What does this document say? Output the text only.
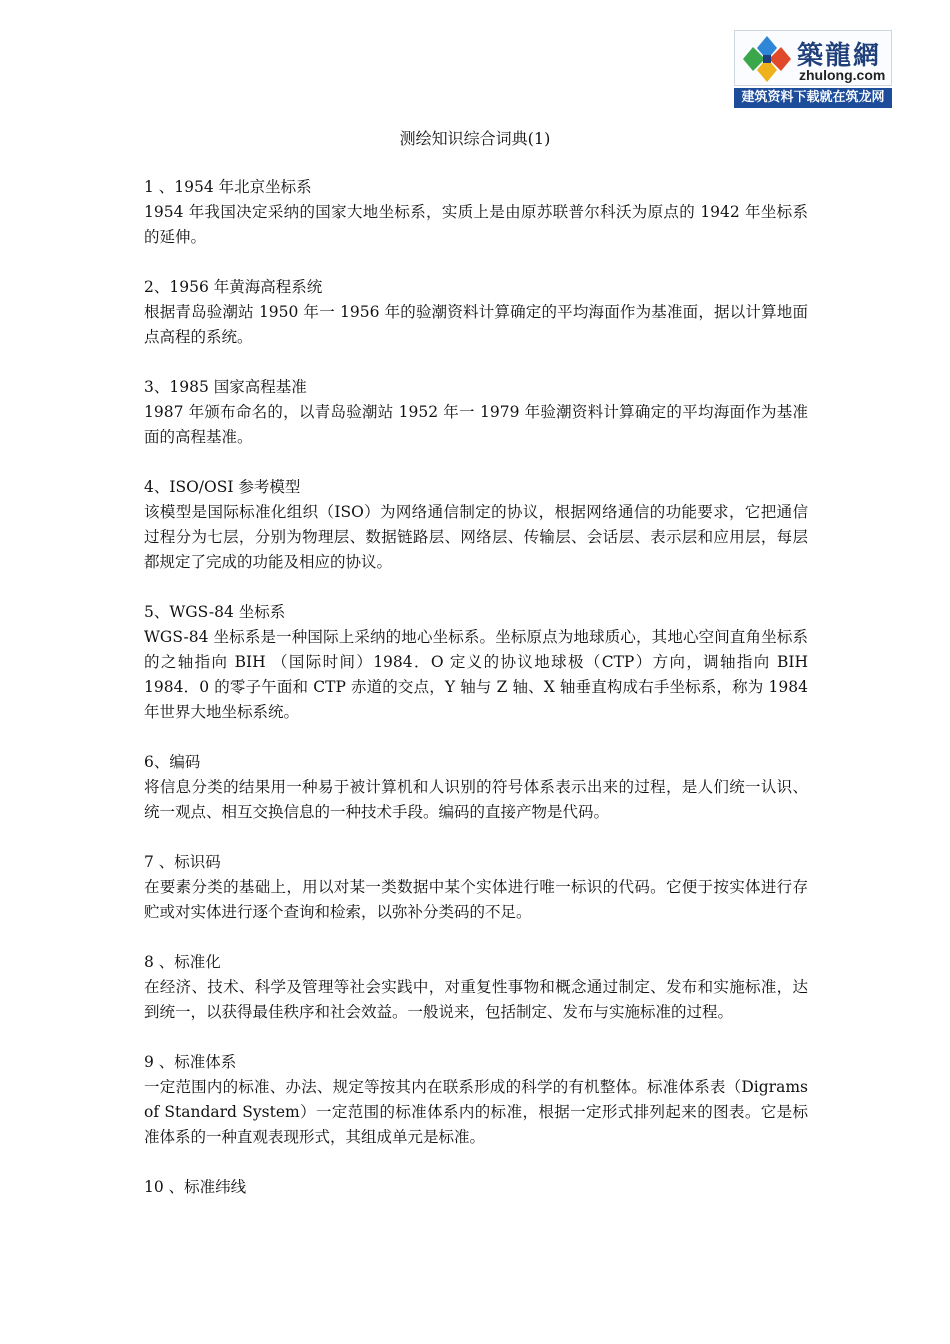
築龍網
zhulong.com
建筑资料下载就在筑龙网
测绘知识综合词典(1)

1 、1954 年北京坐标系

1954 年我国决定采纳的国家大地坐标系，实质上是由原苏联普尔科沃为原点的 1942 年坐标系的延伸。

2、1956 年黄海高程系统

根据青岛验潮站 1950 年一 1956 年的验潮资料计算确定的平均海面作为基准面，据以计算地面点高程的系统。

3、1985 国家高程基准

1987 年颁布命名的，以青岛验潮站 1952 年一 1979 年验潮资料计算确定的平均海面作为基准面的高程基准。

4、ISO/OSI 参考模型

该模型是国际标准化组织（ISO）为网络通信制定的协议，根据网络通信的功能要求，它把通信过程分为七层，分别为物理层、数据链路层、网络层、传输层、会话层、表示层和应用层，每层都规定了完成的功能及相应的协议。

5、WGS-84 坐标系

WGS-84 坐标系是一种国际上采纳的地心坐标系。坐标原点为地球质心，其地心空间直角坐标系的之轴指向 BIH （国际时间）1984．O 定义的协议地球极（CTP）方向，调轴指向 BIH 1984．0 的零子午面和 CTP 赤道的交点，Y 轴与 Z 轴、X 轴垂直构成右手坐标系，称为 1984 年世界大地坐标系统。

6、编码

将信息分类的结果用一种易于被计算机和人识别的符号体系表示出来的过程，是人们统一认识、统一观点、相互交换信息的一种技术手段。编码的直接产物是代码。

7 、标识码

在要素分类的基础上，用以对某一类数据中某个实体进行唯一标识的代码。它便于按实体进行存贮或对实体进行逐个查询和检索，以弥补分类码的不足。

8 、标准化

在经济、技术、科学及管理等社会实践中，对重复性事物和概念通过制定、发布和实施标准，达到统一，以获得最佳秩序和社会效益。一般说来，包括制定、发布与实施标准的过程。

9 、标准体系

一定范围内的标准、办法、规定等按其内在联系形成的科学的有机整体。标准体系表（Digrams of Standard System）一定范围的标准体系内的标准，根据一定形式排列起来的图表。它是标准体系的一种直观表现形式，其组成单元是标准。

10 、标准纬线
